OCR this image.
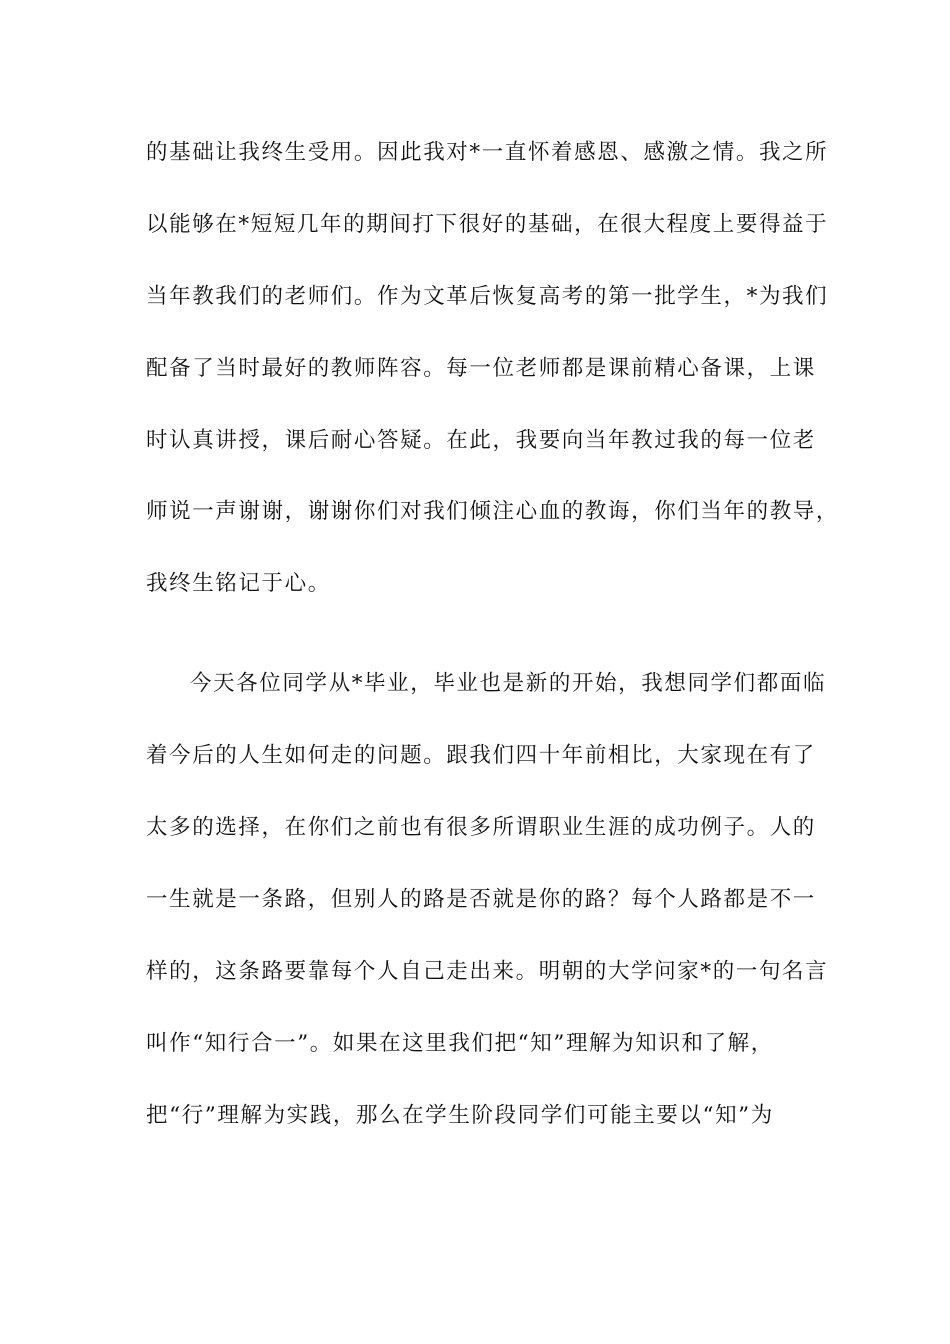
的基础让我终生受用。因此我对*一直怀着感恩、感激之情。我之所
以能够在*短短几年的期间打下很好的基础，在很大程度上要得益于
当年教我们的老师们。作为文革后恢复高考的第一批学生，*为我们
配备了当时最好的教师阵容。每一位老师都是课前精心备课，上课
时认真讲授，课后耐心答疑。在此，我要向当年教过我的每一位老
师说一声谢谢，谢谢你们对我们倾注心血的教诲，你们当年的教导，
我终生铭记于心。
今天各位同学从*毕业，毕业也是新的开始，我想同学们都面临
着今后的人生如何走的问题。跟我们四十年前相比，大家现在有了
太多的选择，在你们之前也有很多所谓职业生涯的成功例子。人的
一生就是一条路，但别人的路是否就是你的路？每个人路都是不一
样的，这条路要靠每个人自己走出来。明朝的大学问家*的一句名言
叫作“知行合一”。如果在这里我们把“知”理解为知识和了解，
把“行”理解为实践，那么在学生阶段同学们可能主要以“知”为
